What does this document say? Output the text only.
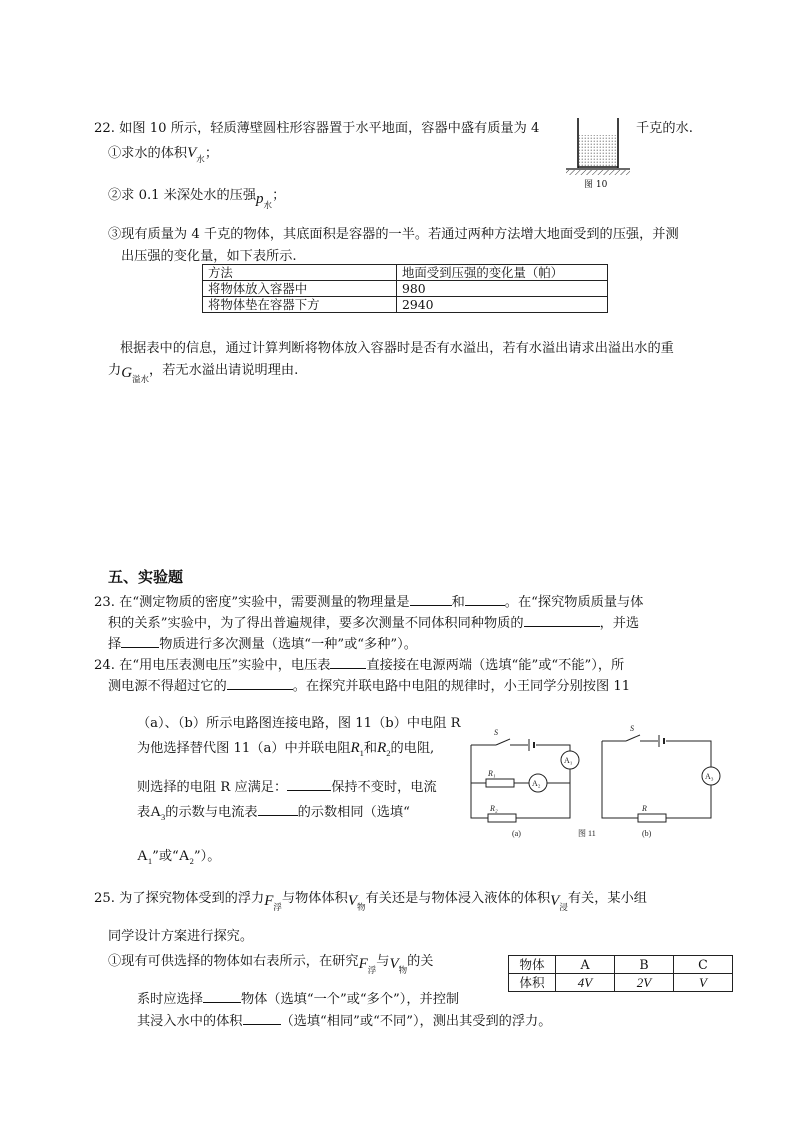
22. 如图 10 所示，轻质薄壁圆柱形容器置于水平地面，容器中盛有质量为 4	千克的水.
图 10
①求水的体积$V_水$；
②求 0.1 米深处水的压强$p_水$；
③现有质量为 4 千克的物体，其底面积是容器的一半。若通过两种方法增大地面受到的压强，并测
出压强的变化量，如下表所示.
方法	地面受到压强的变化量（帕）
将物体放入容器中	980
将物体垫在容器下方	2940
根据表中的信息，通过计算判断将物体放入容器时是否有水溢出，若有水溢出请求出溢出水的重
力$G_{溢水}$，若无水溢出请说明理由.
五、实验题
23. 在“测定物质的密度”实验中，需要测量的物理量是	和	。在“探究物质质量与体
积的关系”实验中，为了得出普遍规律，要多次测量不同体积同种物质的	，并选
择	物质进行多次测量（选填“一种”或“多种”）。
24. 在“用电压表测电压”实验中，电压表	直接接在电源两端（选填“能”或“不能”），所
测电源不得超过它的	。在探究并联电路中电阻的规律时，小王同学分别按图 11
（a）、（b）所示电路图连接电路，图 11（b）中电阻 R
为他选择替代图 11（a）中并联电阻$R_1$和$R_2$的电阻,
则选择的电阻 R 应满足：	保持不变时，电流
表$A_3$的示数与电流表	的示数相同（选填“
$A_1$”或“$A_2$”）。
S
R₁
R₂
A₁
A₂
(a)	图 11
S
R
A₃
(b)
25. 为了探究物体受到的浮力$F_浮$与物体体积$V_物$有关还是与物体浸入液体的体积$V_浸$有关，某小组
同学设计方案进行探究。
①现有可供选择的物体如右表所示，在研究$F_浮$与$V_物$的关
系时应选择	物体（选填“一个”或“多个”），并控制
其浸入水中的体积	（选填“相同”或“不同”），测出其受到的浮力。
物体	A	B	C
体积	4V	2V	V
